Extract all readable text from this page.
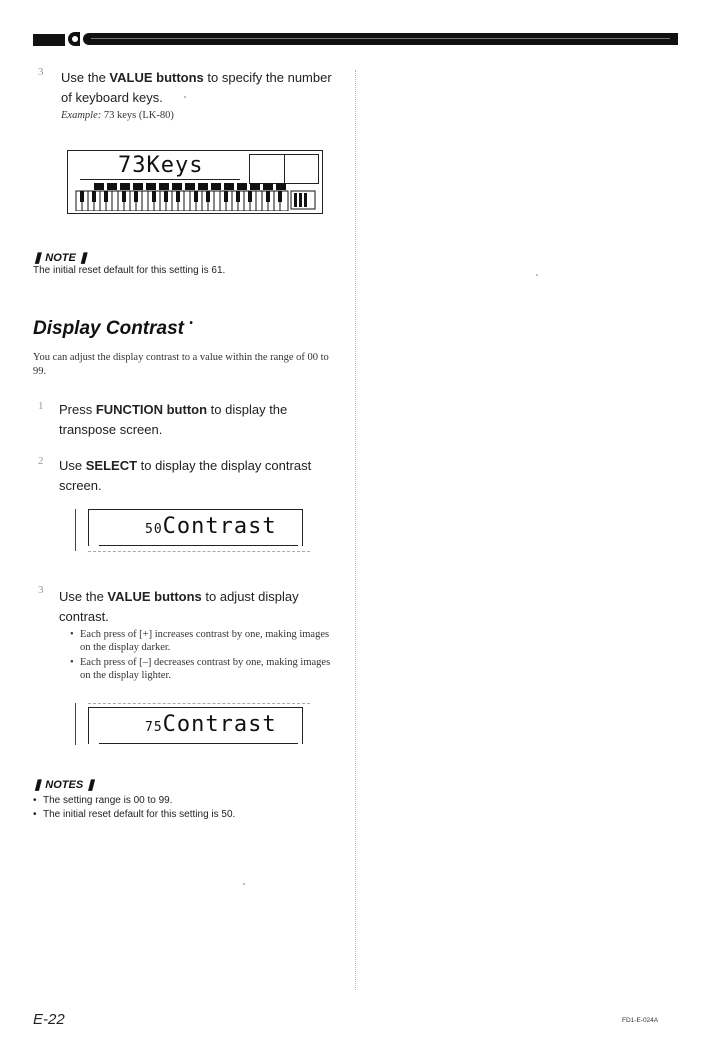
3 Use the VALUE buttons to specify the number of keyboard keys.
Example: 73 keys (LK-80)
73Keys
❚ NOTE ❚
The initial reset default for this setting is 61.
Display Contrast •
You can adjust the display contrast to a value within the range of 00 to 99.
1 Press FUNCTION button to display the transpose screen.
2 Use SELECT to display the display contrast screen.
50Contrast
3 Use the VALUE buttons to adjust display contrast.
• Each press of [+] increases contrast by one, making images on the display darker.
• Each press of [–] decreases contrast by one, making images on the display lighter.
75Contrast
❚ NOTES ❚
• The setting range is 00 to 99.
• The initial reset default for this setting is 50.
E-22	FD1-E-024A
